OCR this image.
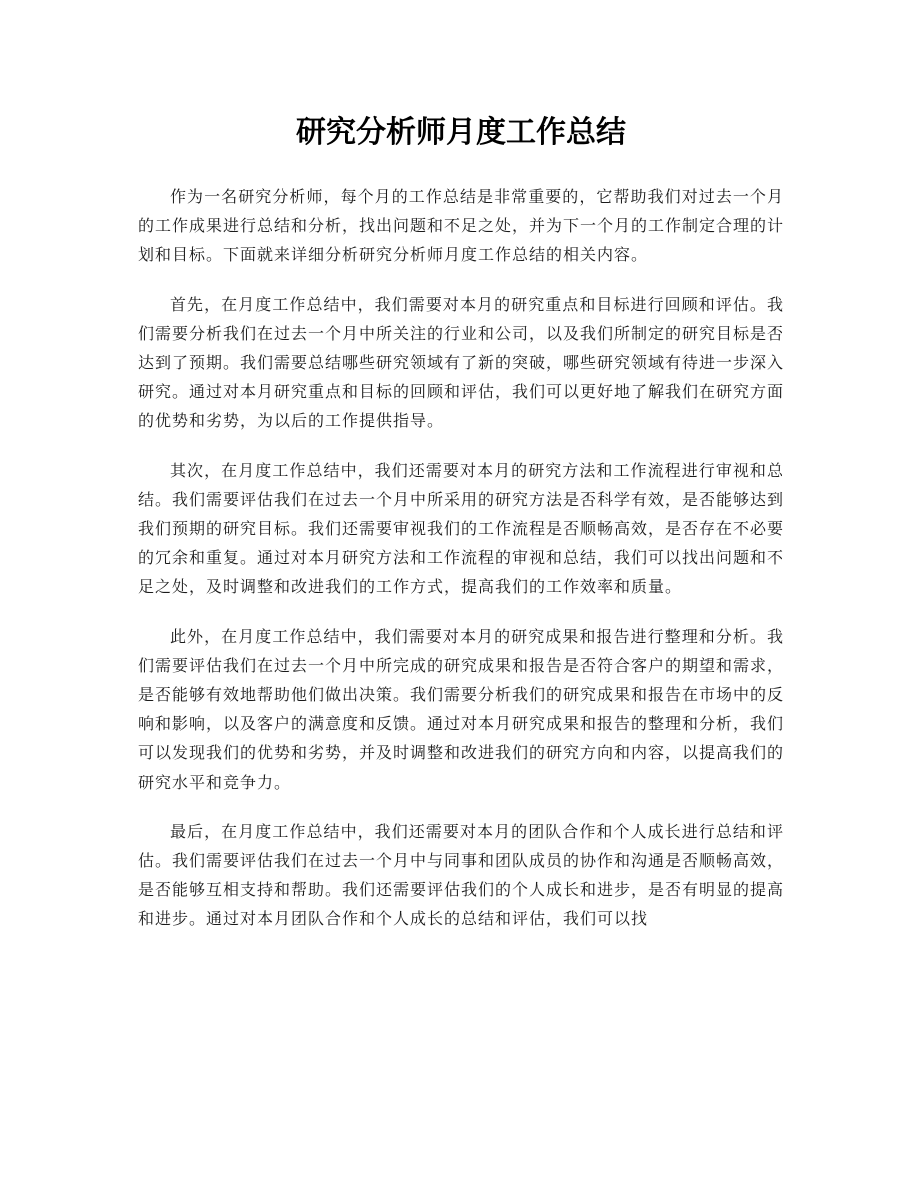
研究分析师月度工作总结

作为一名研究分析师，每个月的工作总结是非常重要的，它帮助我们对过去一个月的工作成果进行总结和分析，找出问题和不足之处，并为下一个月的工作制定合理的计划和目标。下面就来详细分析研究分析师月度工作总结的相关内容。

首先，在月度工作总结中，我们需要对本月的研究重点和目标进行回顾和评估。我们需要分析我们在过去一个月中所关注的行业和公司，以及我们所制定的研究目标是否达到了预期。我们需要总结哪些研究领域有了新的突破，哪些研究领域有待进一步深入研究。通过对本月研究重点和目标的回顾和评估，我们可以更好地了解我们在研究方面的优势和劣势，为以后的工作提供指导。

其次，在月度工作总结中，我们还需要对本月的研究方法和工作流程进行审视和总结。我们需要评估我们在过去一个月中所采用的研究方法是否科学有效，是否能够达到我们预期的研究目标。我们还需要审视我们的工作流程是否顺畅高效，是否存在不必要的冗余和重复。通过对本月研究方法和工作流程的审视和总结，我们可以找出问题和不足之处，及时调整和改进我们的工作方式，提高我们的工作效率和质量。

此外，在月度工作总结中，我们需要对本月的研究成果和报告进行整理和分析。我们需要评估我们在过去一个月中所完成的研究成果和报告是否符合客户的期望和需求，是否能够有效地帮助他们做出决策。我们需要分析我们的研究成果和报告在市场中的反响和影响，以及客户的满意度和反馈。通过对本月研究成果和报告的整理和分析，我们可以发现我们的优势和劣势，并及时调整和改进我们的研究方向和内容，以提高我们的研究水平和竞争力。

最后，在月度工作总结中，我们还需要对本月的团队合作和个人成长进行总结和评估。我们需要评估我们在过去一个月中与同事和团队成员的协作和沟通是否顺畅高效，是否能够互相支持和帮助。我们还需要评估我们的个人成长和进步，是否有明显的提高和进步。通过对本月团队合作和个人成长的总结和评估，我们可以找
